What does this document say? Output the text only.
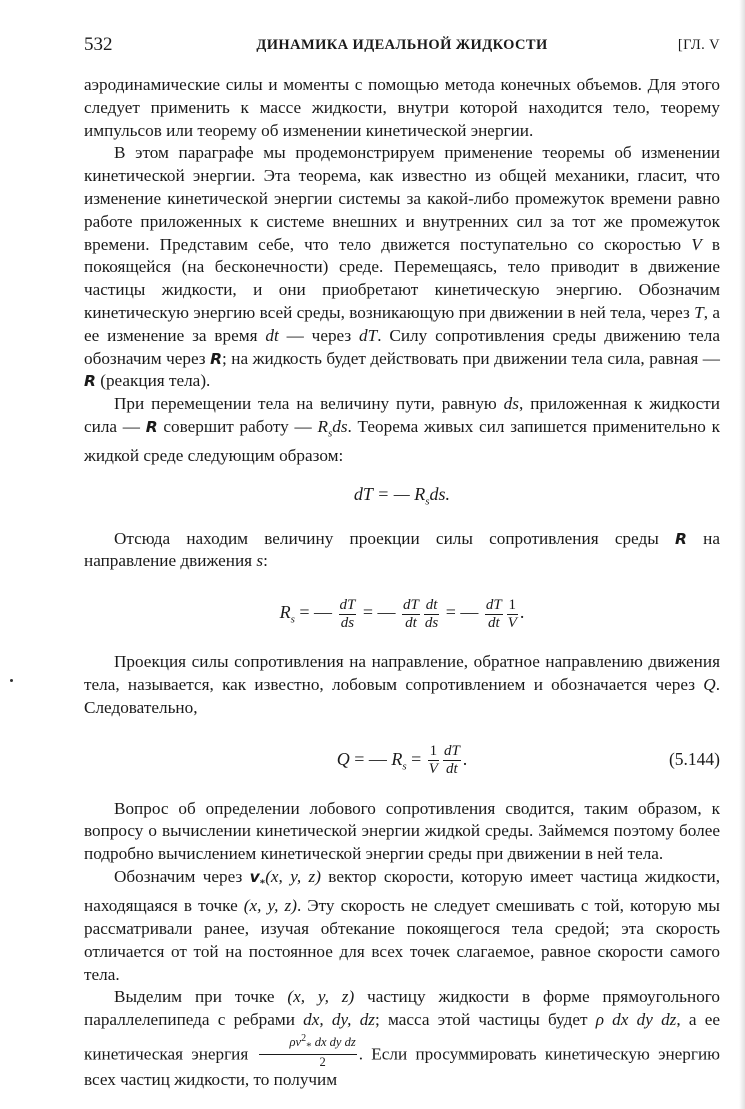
532	ДИНАМИКА ИДЕАЛЬНОЙ ЖИДКОСТИ	[ГЛ. V

аэродинамические силы и моменты с помощью метода конечных объемов. Для этого следует применить к массе жидкости, внутри которой находится тело, теорему импульсов или теорему об изменении кинетической энергии.

В этом параграфе мы продемонстрируем применение теоремы об изменении кинетической энергии. Эта теорема, как известно из общей механики, гласит, что изменение кинетической энергии системы за какой-либо промежуток времени равно работе приложенных к системе внешних и внутренних сил за тот же промежуток времени. Представим себе, что тело движется поступательно со скоростью V в покоящейся (на бесконечности) среде. Перемещаясь, тело приводит в движение частицы жидкости, и они приобретают кинетическую энергию. Обозначим кинетическую энергию всей среды, возникающую при движении в ней тела, через T, а ее изменение за время dt — через dT. Силу сопротивления среды движению тела обозначим через R; на жидкость будет действовать при движении тела сила, равная — R (реакция тела).

При перемещении тела на величину пути, равную ds, приложенная к жидкости сила — R совершит работу — $R_sds$. Теорема живых сил запишется применительно к жидкой среде следующим образом:

dT = — $R_sds$.

Отсюда находим величину проекции силы сопротивления среды R на направление движения s:

$R_s$ = — $\frac{dT}{ds}$ = — $\frac{dT}{dt} \frac{dt}{ds}$ = — $\frac{dT}{dt} \frac{1}{V}$ .

Проекция силы сопротивления на направление, обратное направлению движения тела, называется, как известно, лобовым сопротивлением и обозначается через Q. Следовательно,

Q = — $R_s = \frac{1}{V} \frac{dT}{dt}$ .	(5.144)

Вопрос об определении лобового сопротивления сводится, таким образом, к вопросу о вычислении кинетической энергии жидкой среды. Займемся поэтому более подробно вычислением кинетической энергии среды при движении в ней тела.

Обозначим через $v_*(x$, y, z) вектор скорости, которую имеет частица жидкости, находящаяся в точке (x, y, z). Эту скорость не следует смешивать с той, которую мы рассматривали ранее, изучая обтекание покоящегося тела средой; эта скорость отличается от той на постоянное для всех точек слагаемое, равное скорости самого тела.

Выделим при точке (x, y, z) частицу жидкости в форме прямоугольного параллелепипеда с ребрами dx, dy, dz; масса этой частицы будет ρ dx dy dz, а ее кинетическая энергия $\frac{\rho v^2_* dx dy dz}{2}$ . Если просуммировать кинетическую энергию всех частиц жидкости, то получим
